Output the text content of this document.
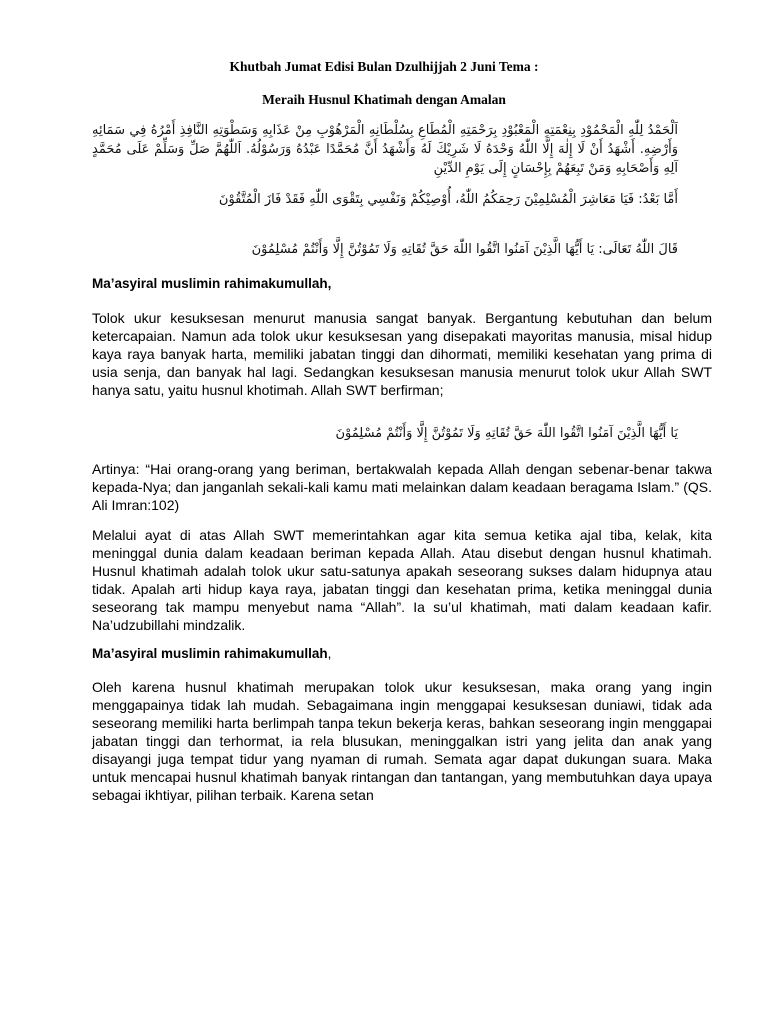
Khutbah Jumat Edisi Bulan Dzulhijjah 2 Juni Tema :
Meraih Husnul Khatimah dengan Amalan
اَلْحَمْدُ لِلّٰهِ الْمَحْمُوْدِ بِنِعْمَتِهِ الْمَعْبُوْدِ بِرَحْمَتِهِ الْمُطَاعِ بِسُلْطَانِهِ الْمَرْهُوْبِ مِنْ عَذَابِهِ وَسَطْوَتِهِ النَّافِذِ أَمْرُهُ فِي سَمَائِهِ وَأَرْضِهِ. أَشْهَدُ أَنْ لَا إِلٰهَ إِلَّا اللّٰهُ وَحْدَهُ لَا شَرِيْكَ لَهُ وَأَشْهَدُ أَنَّ مُحَمَّدًا عَبْدُهُ وَرَسُوْلُهُ. اَللّٰهُمَّ صَلِّ وَسَلِّمْ عَلَى مُحَمَّدٍ آلِهِ وَأَصْحَابِهِ وَمَنْ تَبِعَهُمْ بِإِحْسَانٍ إِلَى يَوْمِ الدِّيْنِ
أَمَّا بَعْدُ: فَيَا مَعَاشِرَ الْمُسْلِمِيْنَ رَحِمَكُمُ اللّٰهُ، أُوْصِيْكُمْ وَنَفْسِي بِتَقْوَى اللّٰهِ فَقَدْ فَازَ الْمُتَّقُوْنَ
قَالَ اللّٰهُ تَعَالَى: يَا أَيُّهَا الَّذِيْنَ آمَنُوا اتَّقُوا اللّٰهَ حَقَّ تُقَاتِهِ وَلَا تَمُوْتُنَّ إِلَّا وَأَنْتُمْ مُسْلِمُوْنَ
Ma’asyiral muslimin rahimakumullah,
Tolok ukur kesuksesan menurut manusia sangat banyak. Bergantung kebutuhan dan belum ketercapaian. Namun ada tolok ukur kesuksesan yang disepakati mayoritas manusia, misal hidup kaya raya banyak harta, memiliki jabatan tinggi dan dihormati, memiliki kesehatan yang prima di usia senja, dan banyak hal lagi. Sedangkan kesuksesan manusia menurut tolok ukur Allah SWT hanya satu, yaitu husnul khotimah. Allah SWT berfirman;
يَا أَيُّهَا الَّذِيْنَ آمَنُوا اتَّقُوا اللّٰهَ حَقَّ تُقَاتِهِ وَلَا تَمُوْتُنَّ إِلَّا وَأَنْتُمْ مُسْلِمُوْنَ
Artinya: “Hai orang-orang yang beriman, bertakwalah kepada Allah dengan sebenar-benar takwa kepada-Nya; dan janganlah sekali-kali kamu mati melainkan dalam keadaan beragama Islam.” (QS. Ali Imran:102)
Melalui ayat di atas Allah SWT memerintahkan agar kita semua ketika ajal tiba, kelak, kita meninggal dunia dalam keadaan beriman kepada Allah. Atau disebut dengan husnul khatimah. Husnul khatimah adalah tolok ukur satu-satunya apakah seseorang sukses dalam hidupnya atau tidak. Apalah arti hidup kaya raya, jabatan tinggi dan kesehatan prima, ketika meninggal dunia seseorang tak mampu menyebut nama “Allah”. Ia su’ul khatimah, mati dalam keadaan kafir. Na’udzubillahi mindzalik.
Ma’asyiral muslimin rahimakumullah,
Oleh karena husnul khatimah merupakan tolok ukur kesuksesan, maka orang yang ingin menggapainya tidak lah mudah. Sebagaimana ingin menggapai kesuksesan duniawi, tidak ada seseorang memiliki harta berlimpah tanpa tekun bekerja keras, bahkan seseorang ingin menggapai jabatan tinggi dan terhormat, ia rela blusukan, meninggalkan istri yang jelita dan anak yang disayangi juga tempat tidur yang nyaman di rumah. Semata agar dapat dukungan suara. Maka untuk mencapai husnul khatimah banyak rintangan dan tantangan, yang membutuhkan daya upaya sebagai ikhtiyar, pilihan terbaik. Karena setan
